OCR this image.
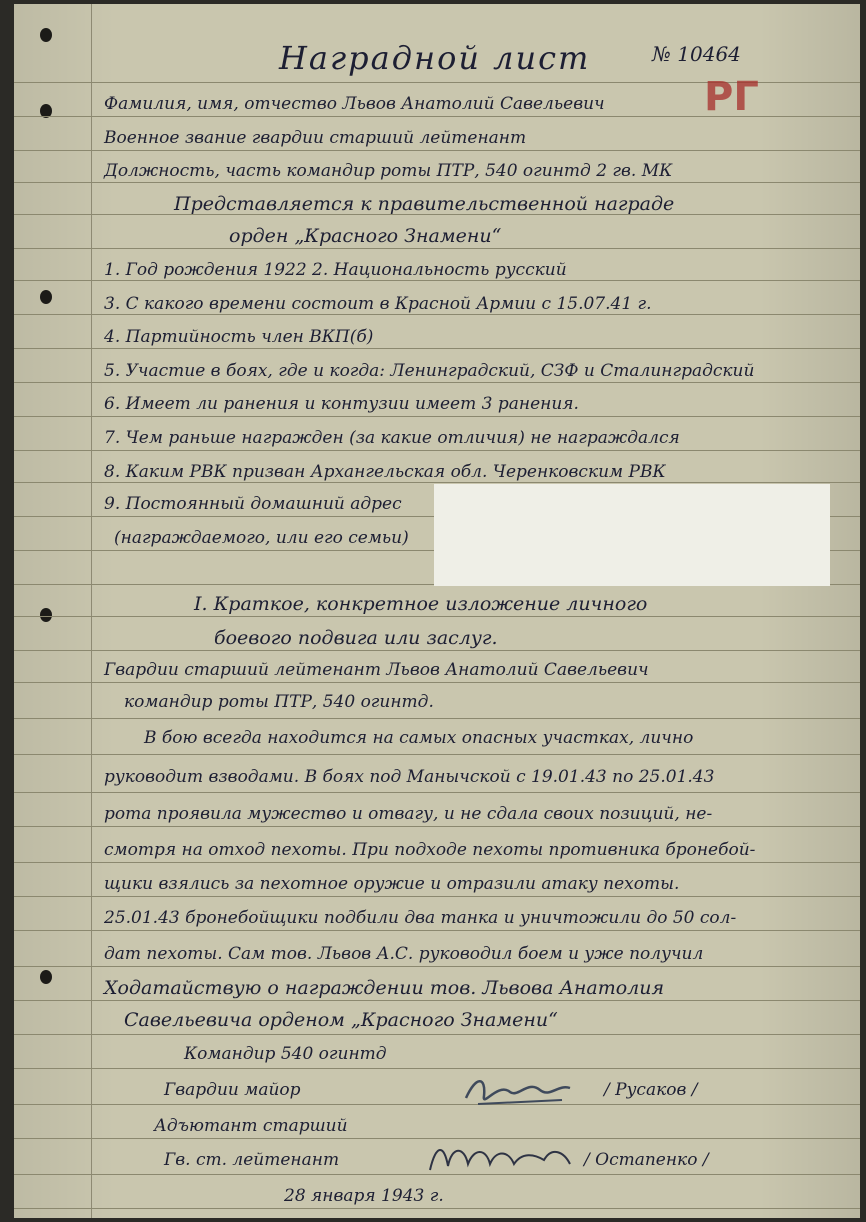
Наградной лист	№ 10464
РГ
Фамилия, имя, отчество Львов Анатолий Савельевич
Военное звание гвардии старший лейтенант
Должность, часть командир роты ПТР, 540 огинтд 2 гв. МК
Представляется к правительственной награде
орден „Красного Знамени“
1. Год рождения 1922 2. Национальность русский
3. С какого времени состоит в Красной Армии с 15.07.41 г.
4. Партийность член ВКП(б)
5. Участие в боях, где и когда: Ленинградский, СЗФ и Сталинградский
6. Имеет ли ранения и контузии имеет 3 ранения.
7. Чем раньше награжден (за какие отличия) не награждался
8. Каким РВК призван Архангельская обл. Черенковским РВК
9. Постоянный домашний адрес
(награждаемого, или его семьи)
I. Краткое, конкретное изложение личного
боевого подвига или заслуг.
Гвардии старший лейтенант Львов Анатолий Савельевич
командир роты ПТР, 540 огинтд.
В бою всегда находится на самых опасных участках, лично
руководит взводами. В боях под Манычской с 19.01.43 по 25.01.43
рота проявила мужество и отвагу, и не сдала своих позиций, не-
смотря на отход пехоты. При подходе пехоты противника бронебой-
щики взялись за пехотное оружие и отразили атаку пехоты.
25.01.43 бронебойщики подбили два танка и уничтожили до 50 сол-
дат пехоты. Сам тов. Львов А.С. руководил боем и уже получил
Ходатайствую о награждении тов. Львова Анатолия
Савельевича орденом „Красного Знамени“
Командир 540 огинтд
Гвардии майор	/ Русаков /
Адъютант старший
Гв. ст. лейтенант	/ Остапенко /
28 января 1943 г.
